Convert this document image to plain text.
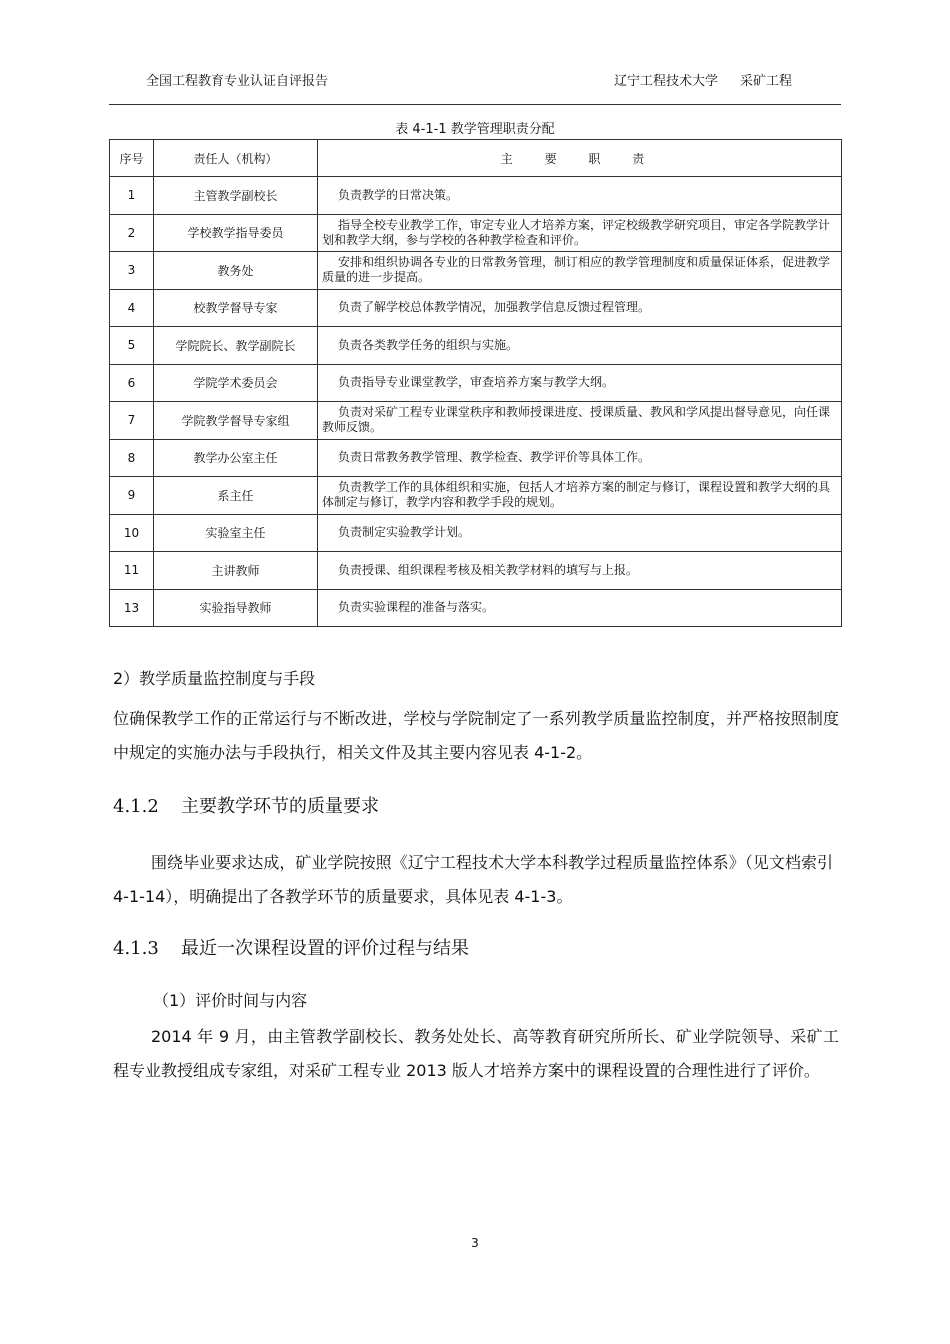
全国工程教育专业认证自评报告	辽宁工程技术大学 采矿工程
表 4-1-1 教学管理职责分配
序号	责任人（机构）	主 要 职 责
1	主管教学副校长	负责教学的日常决策。
2	学校教学指导委员	指导全校专业教学工作，审定专业人才培养方案，评定校级教学研究项目，审定各学院教学计划和教学大纲，参与学校的各种教学检查和评价。
3	教务处	安排和组织协调各专业的日常教务管理，制订相应的教学管理制度和质量保证体系，促进教学质量的进一步提高。
4	校教学督导专家	负责了解学校总体教学情况，加强教学信息反馈过程管理。
5	学院院长、教学副院长	负责各类教学任务的组织与实施。
6	学院学术委员会	负责指导专业课堂教学，审查培养方案与教学大纲。
7	学院教学督导专家组	负责对采矿工程专业课堂秩序和教师授课进度、授课质量、教风和学风提出督导意见，向任课教师反馈。
8	教学办公室主任	负责日常教务教学管理、教学检查、教学评价等具体工作。
9	系主任	负责教学工作的具体组织和实施，包括人才培养方案的制定与修订，课程设置和教学大纲的具体制定与修订，教学内容和教学手段的规划。
10	实验室主任	负责制定实验教学计划。
11	主讲教师	负责授课、组织课程考核及相关教学材料的填写与上报。
13	实验指导教师	负责实验课程的准备与落实。
2）教学质量监控制度与手段
位确保教学工作的正常运行与不断改进，学校与学院制定了一系列教学质量监控制度，并严格按照制度中规定的实施办法与手段执行，相关文件及其主要内容见表 4-1-2。
4.1.2 主要教学环节的质量要求
围绕毕业要求达成，矿业学院按照《辽宁工程技术大学本科教学过程质量监控体系》（见文档索引 4-1-14），明确提出了各教学环节的质量要求，具体见表 4-1-3。
4.1.3 最近一次课程设置的评价过程与结果
（1）评价时间与内容
2014 年 9 月，由主管教学副校长、教务处处长、高等教育研究所所长、矿业学院领导、采矿工程专业教授组成专家组，对采矿工程专业 2013 版人才培养方案中的课程设置的合理性进行了评价。
3
